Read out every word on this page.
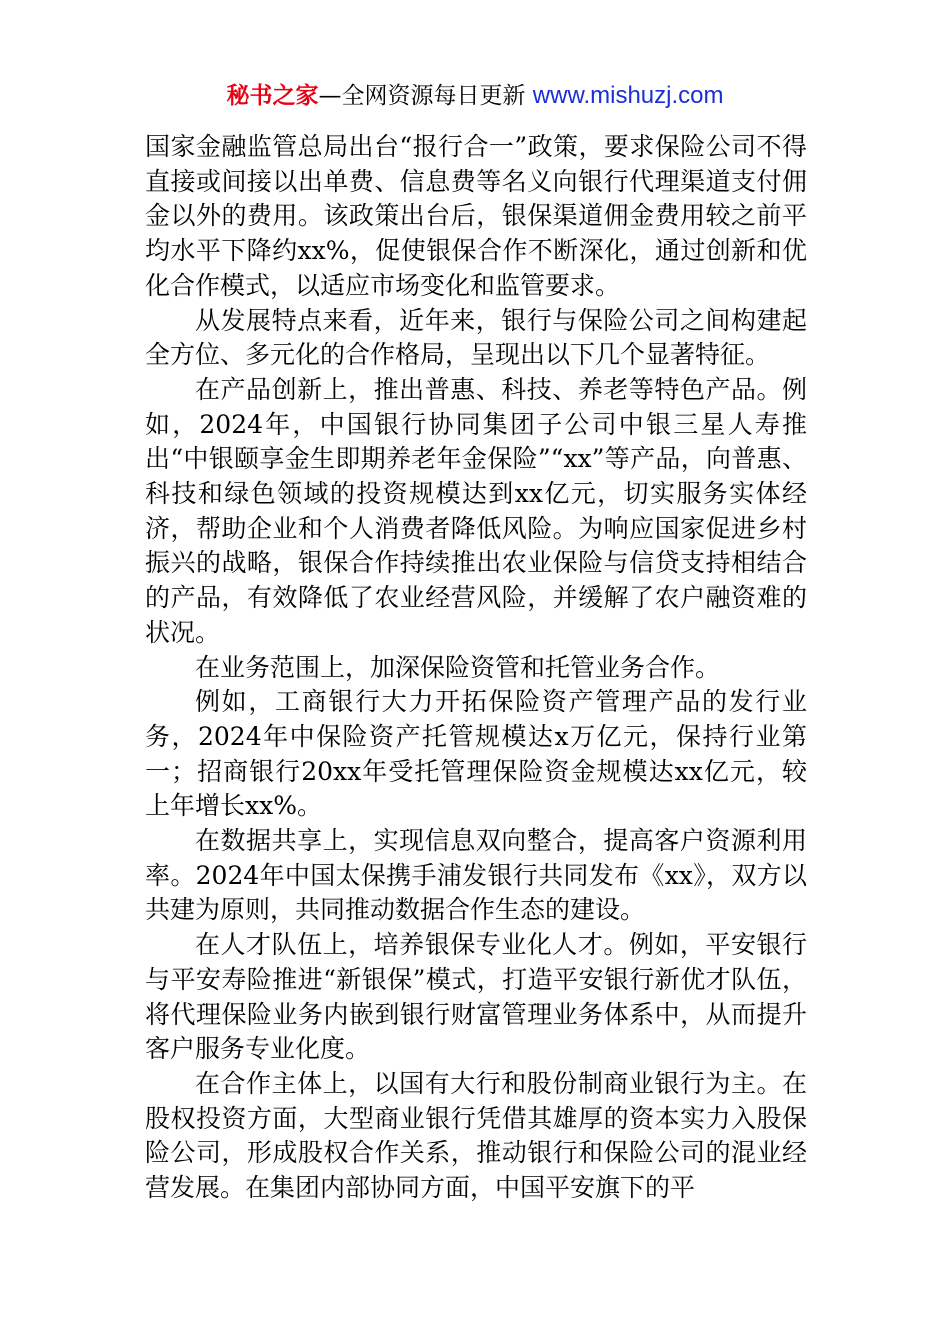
秘书之家—全网资源每日更新 www.mishuzj.com

国家金融监管总局出台“报行合一”政策，要求保险公司不得直接或间接以出单费、信息费等名义向银行代理渠道支付佣金以外的费用。该政策出台后，银保渠道佣金费用较之前平均水平下降约xx%，促使银保合作不断深化，通过创新和优化合作模式，以适应市场变化和监管要求。

从发展特点来看，近年来，银行与保险公司之间构建起全方位、多元化的合作格局，呈现出以下几个显著特征。

在产品创新上，推出普惠、科技、养老等特色产品。例如，2024年，中国银行协同集团子公司中银三星人寿推出“中银颐享金生即期养老年金保险”“xx”等产品，向普惠、科技和绿色领域的投资规模达到xx亿元，切实服务实体经济，帮助企业和个人消费者降低风险。为响应国家促进乡村振兴的战略，银保合作持续推出农业保险与信贷支持相结合的产品，有效降低了农业经营风险，并缓解了农户融资难的状况。

在业务范围上，加深保险资管和托管业务合作。

例如，工商银行大力开拓保险资产管理产品的发行业务，2024年中保险资产托管规模达x万亿元，保持行业第一；招商银行20xx年受托管理保险资金规模达xx亿元，较上年增长xx%。

在数据共享上，实现信息双向整合，提高客户资源利用率。2024年中国太保携手浦发银行共同发布《xx》，双方以共建为原则，共同推动数据合作生态的建设。

在人才队伍上，培养银保专业化人才。例如，平安银行与平安寿险推进“新银保”模式，打造平安银行新优才队伍，将代理保险业务内嵌到银行财富管理业务体系中，从而提升客户服务专业化度。

在合作主体上，以国有大行和股份制商业银行为主。在股权投资方面，大型商业银行凭借其雄厚的资本实力入股保险公司，形成股权合作关系，推动银行和保险公司的混业经营发展。在集团内部协同方面，中国平安旗下的平
